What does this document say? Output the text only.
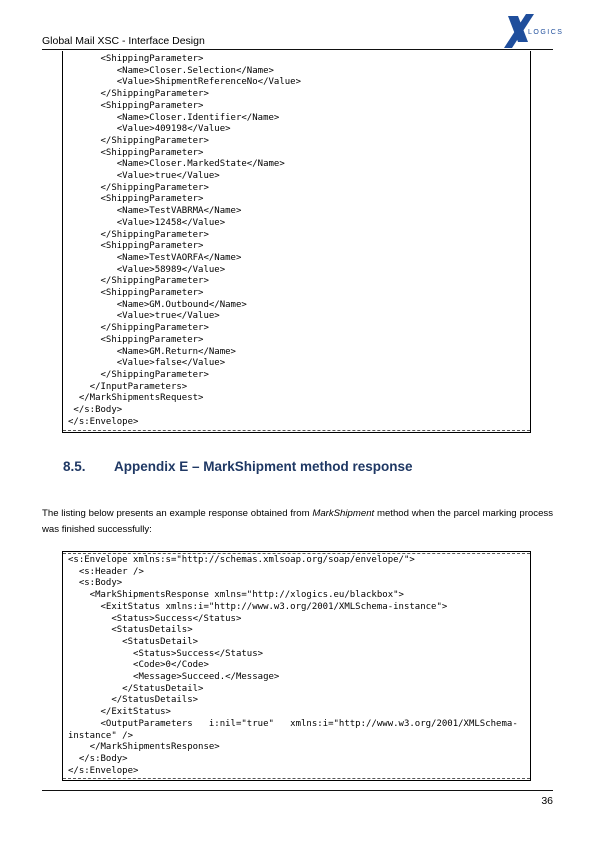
Global Mail XSC - Interface Design
LOGICS
<ShippingParameter>
<Name>Closer.Selection</Name>
<Value>ShipmentReferenceNo</Value>
</ShippingParameter>
<ShippingParameter>
<Name>Closer.Identifier</Name>
<Value>409198</Value>
</ShippingParameter>
<ShippingParameter>
<Name>Closer.MarkedState</Name>
<Value>true</Value>
</ShippingParameter>
<ShippingParameter>
<Name>TestVABRMA</Name>
<Value>12458</Value>
</ShippingParameter>
<ShippingParameter>
<Name>TestVAORFA</Name>
<Value>58989</Value>
</ShippingParameter>
<ShippingParameter>
<Name>GM.Outbound</Name>
<Value>true</Value>
</ShippingParameter>
<ShippingParameter>
<Name>GM.Return</Name>
<Value>false</Value>
</ShippingParameter>
</InputParameters>
</MarkShipmentsRequest>
</s:Body>
</s:Envelope>
8.5. Appendix E – MarkShipment method response
The listing below presents an example response obtained from MarkShipment method when the parcel marking process was finished successfully:
<s:Envelope xmlns:s="http://schemas.xmlsoap.org/soap/envelope/">
<s:Header />
<s:Body>
<MarkShipmentsResponse xmlns="http://xlogics.eu/blackbox">
<ExitStatus xmlns:i="http://www.w3.org/2001/XMLSchema-instance">
<Status>Success</Status>
<StatusDetails>
<StatusDetail>
<Status>Success</Status>
<Code>0</Code>
<Message>Succeed.</Message>
</StatusDetail>
</StatusDetails>
</ExitStatus>
<OutputParameters   i:nil="true"   xmlns:i="http://www.w3.org/2001/XMLSchema-
instance" />
</MarkShipmentsResponse>
</s:Body>
</s:Envelope>
36
